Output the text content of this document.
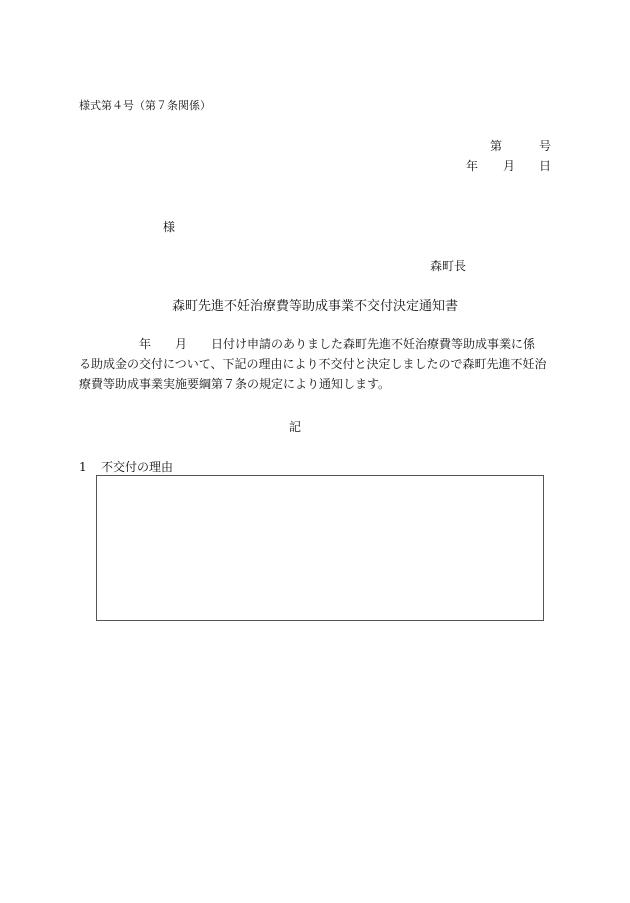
様式第４号（第７条関係）
第	号
年 月 日
様
森町長
森町先進不妊治療費等助成事業不交付決定通知書
年 月 日付け申請のありました森町先進不妊治療費等助成事業に係
る助成金の交付について、下記の理由により不交付と決定しましたので森町先進不妊治
療費等助成事業実施要綱第７条の規定により通知します。
記
1 不交付の理由
